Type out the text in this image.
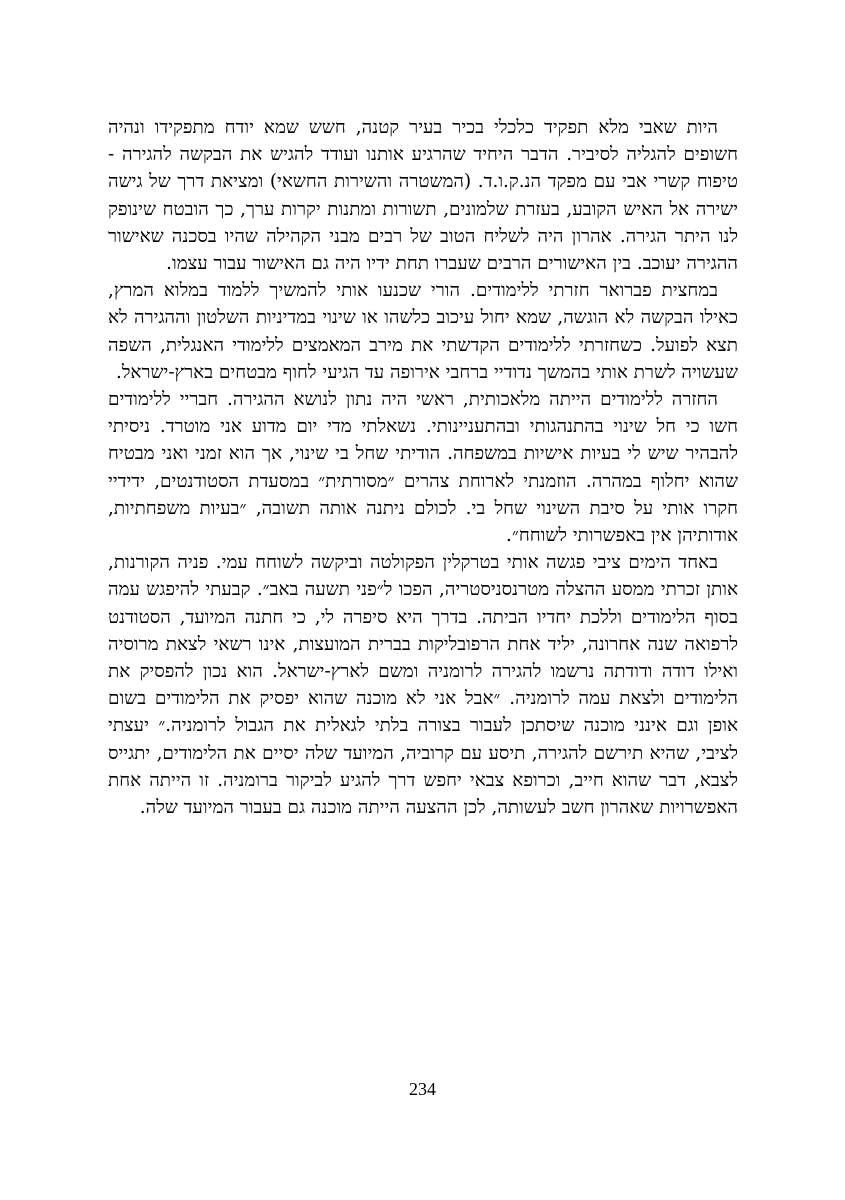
היות שאבי מלא תפקיד כלכלי בכיר בעיר קטנה, חשש שמא יודח מתפקידו ונהיה חשופים להגליה לסיביר. הדבר היחיד שהרגיע אותנו ועודד להגיש את הבקשה להגירה - טיפוח קשרי אבי עם מפקד הנ.ק.ו.ד. (המשטרה והשירות החשאי) ומציאת דרך של גישה ישירה אל האיש הקובע, בעזרת שלמונים, תשורות ומתנות יקרות ערך, כך הובטח שינופק לנו היתר הגירה. אהרון היה לשליח הטוב של רבים מבני הקהילה שהיו בסכנה שאישור ההגירה יעוכב. בין האישורים הרבים שעברו תחת ידיו היה גם האישור עבור עצמו.

במחצית פברואר חזרתי ללימודים. הורי שכנעו אותי להמשיך ללמוד במלוא המרץ, כאילו הבקשה לא הוגשה, שמא יחול עיכוב כלשהו או שינוי במדיניות השלטון וההגירה לא תצא לפועל. כשחזרתי ללימודים הקדשתי את מירב המאמצים ללימודי האנגלית, השפה שעשויה לשרת אותי בהמשך נדודיי ברחבי אירופה עד הגיעי לחוף מבטחים בארץ-ישראל.

החזרה ללימודים הייתה מלאכותית, ראשי היה נתון לנושא ההגירה. חבריי ללימודים חשו כי חל שינוי בהתנהגותי ובהתעניינותי. נשאלתי מדי יום מדוע אני מוטרד. ניסיתי להבהיר שיש לי בעיות אישיות במשפחה. הודיתי שחל בי שינוי, אך הוא זמני ואני מבטיח שהוא יחלוף במהרה. הוזמנתי לארוחת צהרים ״מסורתית״ במסעדת הסטודנטים, ידידיי חקרו אותי על סיבת השינוי שחל בי. לכולם ניתנה אותה תשובה, ״בעיות משפחתיות, אודותיהן אין באפשרותי לשוחח״.

באחד הימים ציבי פגשה אותי בטרקלין הפקולטה וביקשה לשוחח עמי. פניה הקורנות, אותן זכרתי ממסע ההצלה מטרנסניסטריה, הפכו ל״פני תשעה באב״. קבעתי להיפגש עמה בסוף הלימודים וללכת יחדיו הביתה. בדרך היא סיפרה לי, כי חתנה המיועד, הסטודנט לרפואה שנה אחרונה, יליד אחת הרפובליקות בברית המועצות, אינו רשאי לצאת מרוסיה ואילו דודה ודודתה נרשמו להגירה לרומניה ומשם לארץ-ישראל. הוא נכון להפסיק את הלימודים ולצאת עמה לרומניה. ״אבל אני לא מוכנה שהוא יפסיק את הלימודים בשום אופן וגם אינני מוכנה שיסתכן לעבור בצורה בלתי לגאלית את הגבול לרומניה.״ יעצתי לציבי, שהיא תירשם להגירה, תיסע עם קרוביה, המיועד שלה יסיים את הלימודים, יתגייס לצבא, דבר שהוא חייב, וכרופא צבאי יחפש דרך להגיע לביקור ברומניה. זו הייתה אחת האפשרויות שאהרון חשב לעשותה, לכן ההצעה הייתה מוכנה גם בעבור המיועד שלה.

234
